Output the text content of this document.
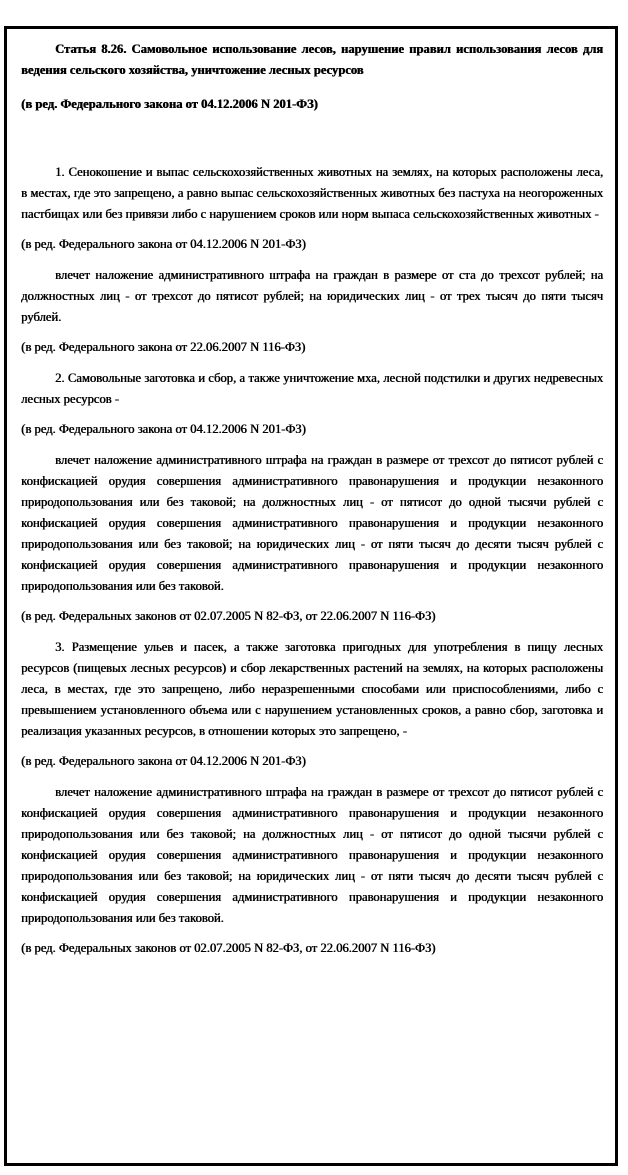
Статья 8.26. Самовольное использование лесов, нарушение правил использования лесов для ведения сельского хозяйства, уничтожение лесных ресурсов

(в ред. Федерального закона от 04.12.2006 N 201-ФЗ)

1. Сенокошение и выпас сельскохозяйственных животных на землях, на которых расположены леса, в местах, где это запрещено, а равно выпас сельскохозяйственных животных без пастуха на неогороженных пастбищах или без привязи либо с нарушением сроков или норм выпаса сельскохозяйственных животных -

(в ред. Федерального закона от 04.12.2006 N 201-ФЗ)

влечет наложение административного штрафа на граждан в размере от ста до трехсот рублей; на должностных лиц - от трехсот до пятисот рублей; на юридических лиц - от трех тысяч до пяти тысяч рублей.

(в ред. Федерального закона от 22.06.2007 N 116-ФЗ)

2. Самовольные заготовка и сбор, а также уничтожение мха, лесной подстилки и других недревесных лесных ресурсов -

(в ред. Федерального закона от 04.12.2006 N 201-ФЗ)

влечет наложение административного штрафа на граждан в размере от трехсот до пятисот рублей с конфискацией орудия совершения административного правонарушения и продукции незаконного природопользования или без таковой; на должностных лиц - от пятисот до одной тысячи рублей с конфискацией орудия совершения административного правонарушения и продукции незаконного природопользования или без таковой; на юридических лиц - от пяти тысяч до десяти тысяч рублей с конфискацией орудия совершения административного правонарушения и продукции незаконного природопользования или без таковой.

(в ред. Федеральных законов от 02.07.2005 N 82-ФЗ, от 22.06.2007 N 116-ФЗ)

3. Размещение ульев и пасек, а также заготовка пригодных для употребления в пищу лесных ресурсов (пищевых лесных ресурсов) и сбор лекарственных растений на землях, на которых расположены леса, в местах, где это запрещено, либо неразрешенными способами или приспособлениями, либо с превышением установленного объема или с нарушением установленных сроков, а равно сбор, заготовка и реализация указанных ресурсов, в отношении которых это запрещено, -

(в ред. Федерального закона от 04.12.2006 N 201-ФЗ)

влечет наложение административного штрафа на граждан в размере от трехсот до пятисот рублей с конфискацией орудия совершения административного правонарушения и продукции незаконного природопользования или без таковой; на должностных лиц - от пятисот до одной тысячи рублей с конфискацией орудия совершения административного правонарушения и продукции незаконного природопользования или без таковой; на юридических лиц - от пяти тысяч до десяти тысяч рублей с конфискацией орудия совершения административного правонарушения и продукции незаконного природопользования или без таковой.

(в ред. Федеральных законов от 02.07.2005 N 82-ФЗ, от 22.06.2007 N 116-ФЗ)
